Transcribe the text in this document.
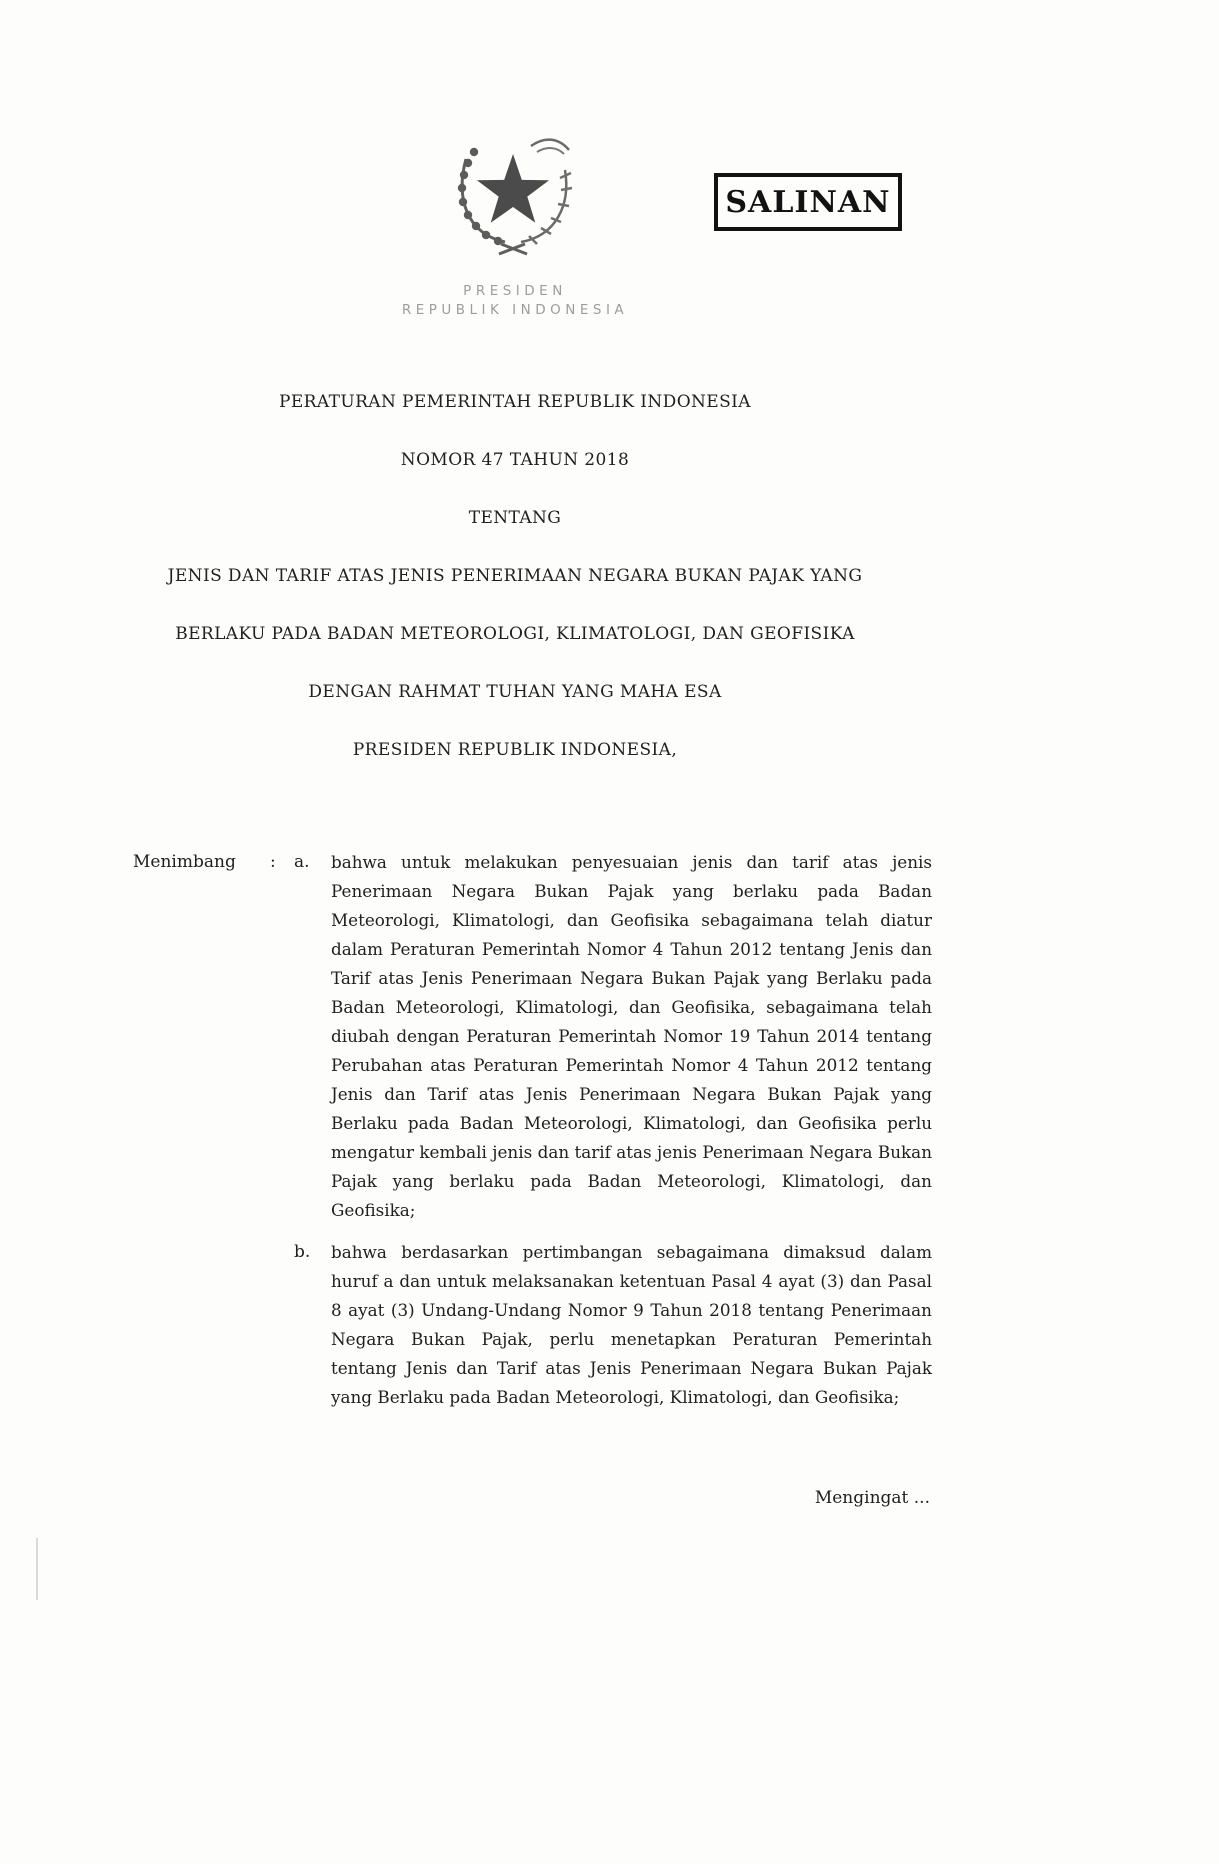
SALINAN
PRESIDEN
REPUBLIK INDONESIA
PERATURAN PEMERINTAH REPUBLIK INDONESIA
NOMOR 47 TAHUN 2018
TENTANG
JENIS DAN TARIF ATAS JENIS PENERIMAAN NEGARA BUKAN PAJAK YANG
BERLAKU PADA BADAN METEOROLOGI, KLIMATOLOGI, DAN GEOFISIKA
DENGAN RAHMAT TUHAN YANG MAHA ESA
PRESIDEN REPUBLIK INDONESIA,
Menimbang	:	a.	bahwa untuk melakukan penyesuaian jenis dan tarif atas jenis Penerimaan Negara Bukan Pajak yang berlaku pada Badan Meteorologi, Klimatologi, dan Geofisika sebagaimana telah diatur dalam Peraturan Pemerintah Nomor 4 Tahun 2012 tentang Jenis dan Tarif atas Jenis Penerimaan Negara Bukan Pajak yang Berlaku pada Badan Meteorologi, Klimatologi, dan Geofisika, sebagaimana telah diubah dengan Peraturan Pemerintah Nomor 19 Tahun 2014 tentang Perubahan atas Peraturan Pemerintah Nomor 4 Tahun 2012 tentang Jenis dan Tarif atas Jenis Penerimaan Negara Bukan Pajak yang Berlaku pada Badan Meteorologi, Klimatologi, dan Geofisika perlu mengatur kembali jenis dan tarif atas jenis Penerimaan Negara Bukan Pajak yang berlaku pada Badan Meteorologi, Klimatologi, dan Geofisika;
b.	bahwa berdasarkan pertimbangan sebagaimana dimaksud dalam huruf a dan untuk melaksanakan ketentuan Pasal 4 ayat (3) dan Pasal 8 ayat (3) Undang-Undang Nomor 9 Tahun 2018 tentang Penerimaan Negara Bukan Pajak, perlu menetapkan Peraturan Pemerintah tentang Jenis dan Tarif atas Jenis Penerimaan Negara Bukan Pajak yang Berlaku pada Badan Meteorologi, Klimatologi, dan Geofisika;
Mengingat ...
